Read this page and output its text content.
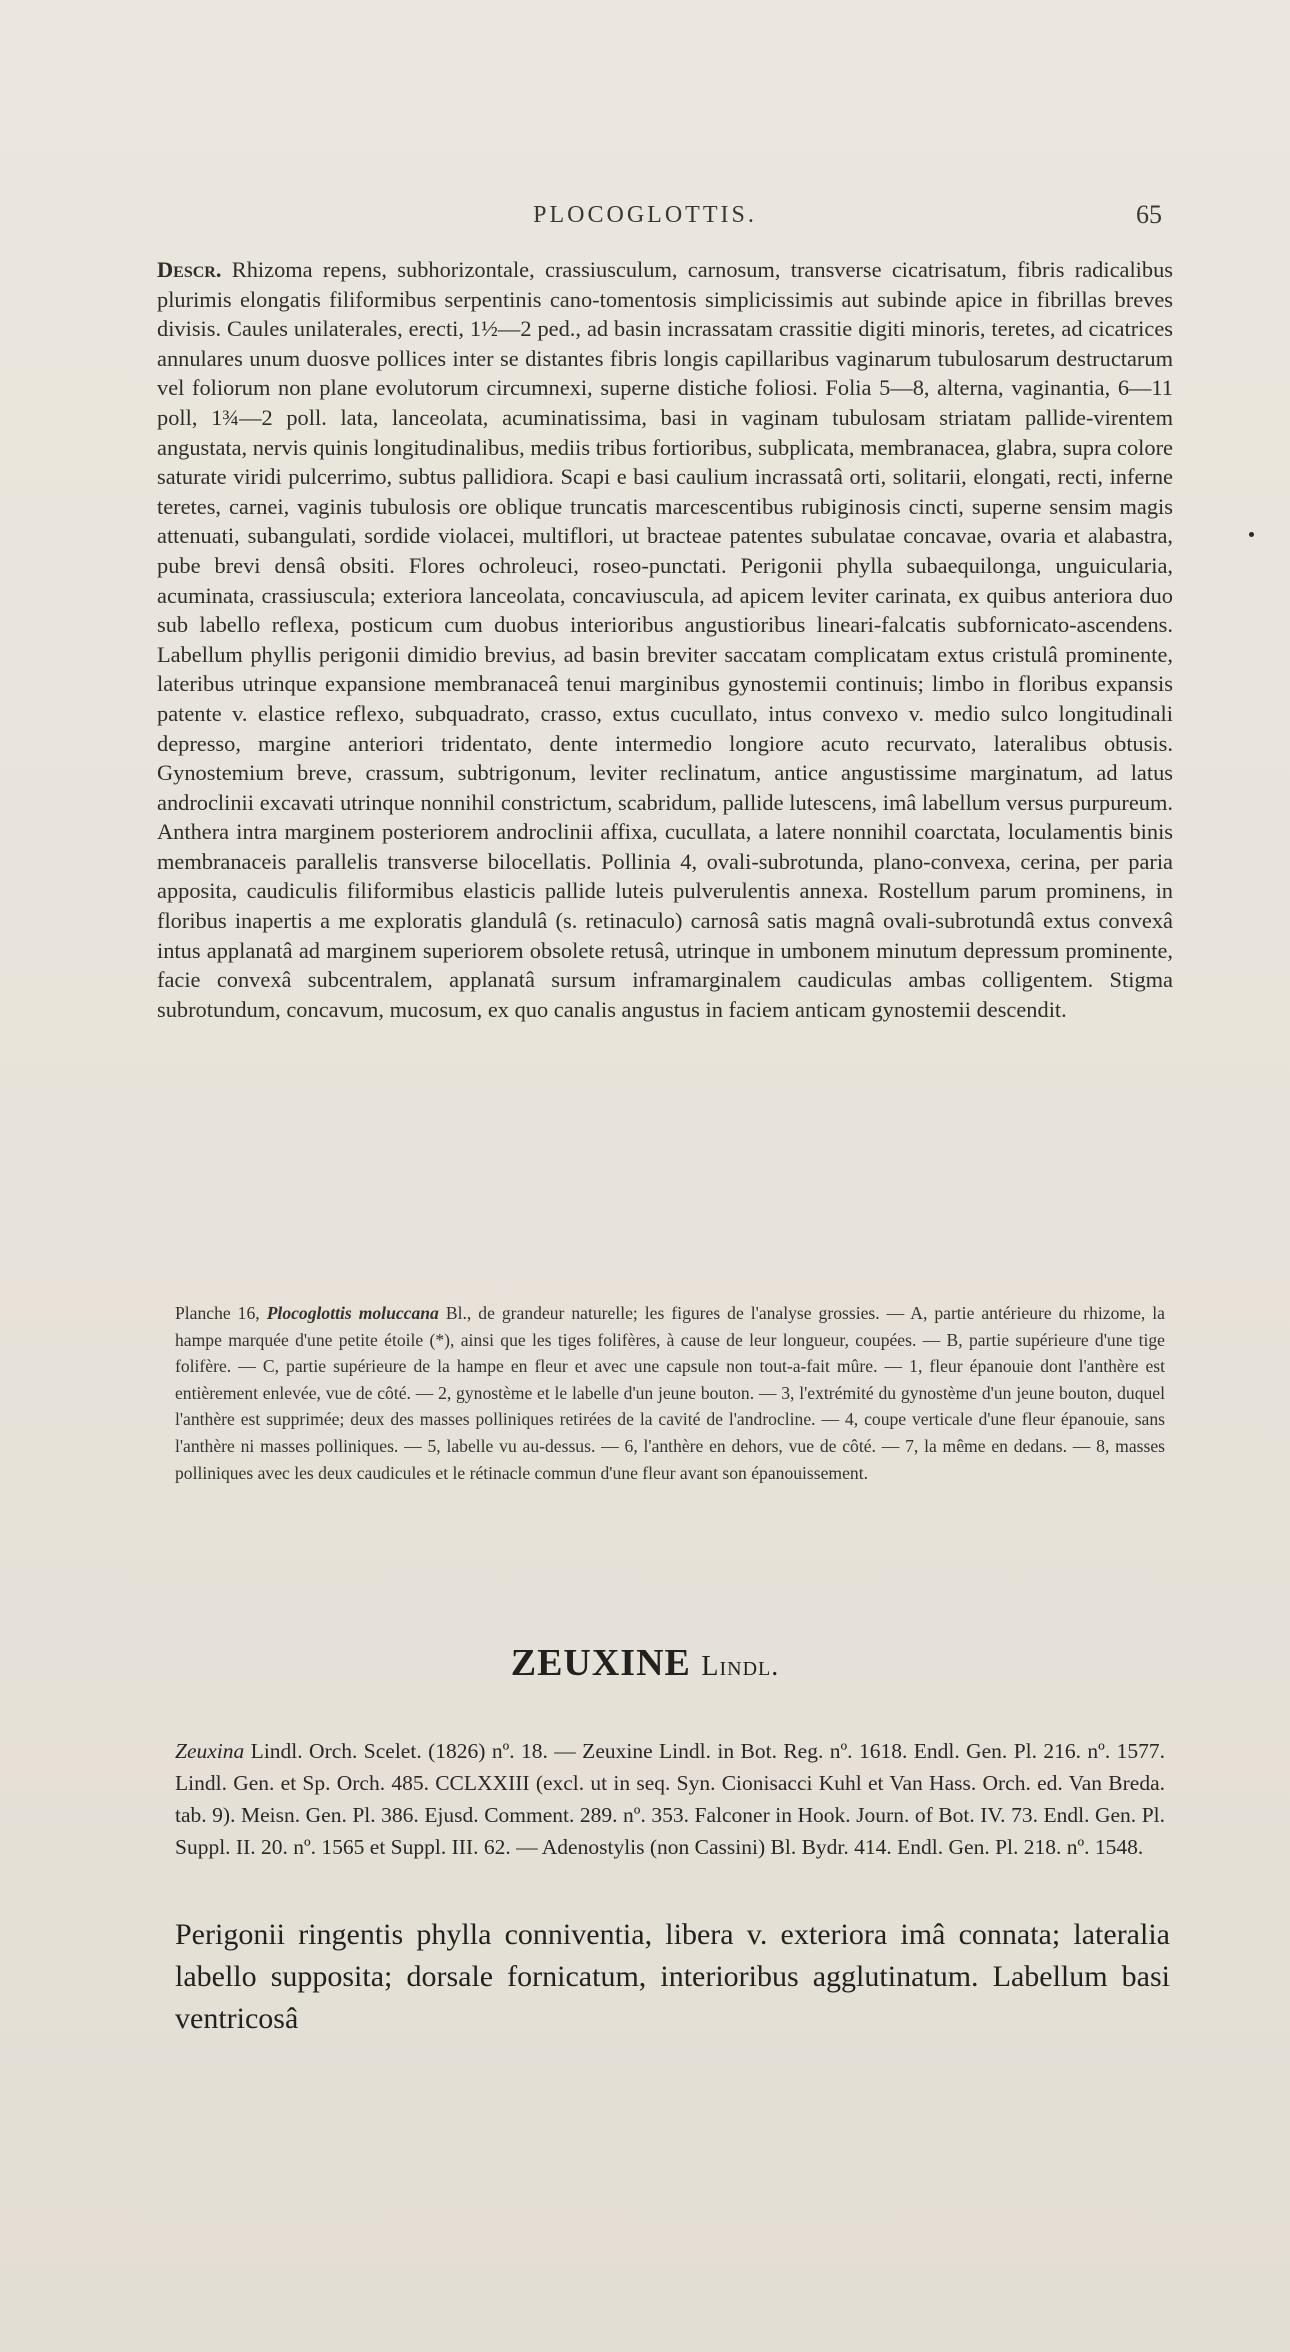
PLOCOGLOTTIS.	65
Descr. Rhizoma repens, subhorizontale, crassiusculum, carnosum, transverse cicatrisatum, fibris radicalibus plurimis elongatis filiformibus serpentinis cano-tomentosis simplicissimis aut subinde apice in fibrillas breves divisis. Caules unilaterales, erecti, 1½—2 ped., ad basin incrassatam crassitie digiti minoris, teretes, ad cicatrices annulares unum duosve pollices inter se distantes fibris longis capillaribus vaginarum tubulosarum destructarum vel foliorum non plane evolutorum circumnexi, superne distiche foliosi. Folia 5—8, alterna, vaginantia, 6—11 poll, 1¾—2 poll. lata, lanceolata, acuminatissima, basi in vaginam tubulosam striatam pallide-virentem angustata, nervis quinis longitudinalibus, mediis tribus fortioribus, subplicata, membranacea, glabra, supra colore saturate viridi pulcerrimo, subtus pallidiora. Scapi e basi caulium incrassatâ orti, solitarii, elongati, recti, inferne teretes, carnei, vaginis tubulosis ore oblique truncatis marcescentibus rubiginosis cincti, superne sensim magis attenuati, subangulati, sordide violacei, multiflori, ut bracteae patentes subulatae concavae, ovaria et alabastra, pube brevi densâ obsiti. Flores ochroleuci, roseo-punctati. Perigonii phylla subaequilonga, unguicularia, acuminata, crassiuscula; exteriora lanceolata, concaviuscula, ad apicem leviter carinata, ex quibus anteriora duo sub labello reflexa, posticum cum duobus interioribus angustioribus lineari-falcatis subfornicato-ascendens. Labellum phyllis perigonii dimidio brevius, ad basin breviter saccatam complicatam extus cristulâ prominente, lateribus utrinque expansione membranaceâ tenui marginibus gynostemii continuis; limbo in floribus expansis patente v. elastice reflexo, subquadrato, crasso, extus cucullato, intus convexo v. medio sulco longitudinali depresso, margine anteriori tridentato, dente intermedio longiore acuto recurvato, lateralibus obtusis. Gynostemium breve, crassum, subtrigonum, leviter reclinatum, antice angustissime marginatum, ad latus androclinii excavati utrinque nonnihil constrictum, scabridum, pallide lutescens, imâ labellum versus purpureum. Anthera intra marginem posteriorem androclinii affixa, cucullata, a latere nonnihil coarctata, loculamentis binis membranaceis parallelis transverse bilocellatis. Pollinia 4, ovali-subrotunda, plano-convexa, cerina, per paria apposita, caudiculis filiformibus elasticis pallide luteis pulverulentis annexa. Rostellum parum prominens, in floribus inapertis a me exploratis glandulâ (s. retinaculo) carnosâ satis magnâ ovali-subrotundâ extus convexâ intus applanatâ ad marginem superiorem obsolete retusâ, utrinque in umbonem minutum depressum prominente, facie convexâ subcentralem, applanatâ sursum inframarginalem caudiculas ambas colligentem. Stigma subrotundum, concavum, mucosum, ex quo canalis angustus in faciem anticam gynostemii descendit.
Planche 16, Plocoglottis moluccana Bl., de grandeur naturelle; les figures de l'analyse grossies. — A, partie antérieure du rhizome, la hampe marquée d'une petite étoile (*), ainsi que les tiges folifères, à cause de leur longueur, coupées. — B, partie supérieure d'une tige folifère. — C, partie supérieure de la hampe en fleur et avec une capsule non tout-a-fait mûre. — 1, fleur épanouie dont l'anthère est entièrement enlevée, vue de côté. — 2, gynostème et le labelle d'un jeune bouton. — 3, l'extrémité du gynostème d'un jeune bouton, duquel l'anthère est supprimée; deux des masses polliniques retirées de la cavité de l'androcline. — 4, coupe verticale d'une fleur épanouie, sans l'anthère ni masses polliniques. — 5, labelle vu au-dessus. — 6, l'anthère en dehors, vue de côté. — 7, la même en dedans. — 8, masses polliniques avec les deux caudicules et le rétinacle commun d'une fleur avant son épanouissement.
ZEUXINE Lindl.
Zeuxina Lindl. Orch. Scelet. (1826) nº. 18. — Zeuxine Lindl. in Bot. Reg. nº. 1618. Endl. Gen. Pl. 216. nº. 1577. Lindl. Gen. et Sp. Orch. 485. CCLXXIII (excl. ut in seq. Syn. Cionisacci Kuhl et Van Hass. Orch. ed. Van Breda. tab. 9). Meisn. Gen. Pl. 386. Ejusd. Comment. 289. nº. 353. Falconer in Hook. Journ. of Bot. IV. 73. Endl. Gen. Pl. Suppl. II. 20. nº. 1565 et Suppl. III. 62. — Adenostylis (non Cassini) Bl. Bydr. 414. Endl. Gen. Pl. 218. nº. 1548.
Perigonii ringentis phylla conniventia, libera v. exteriora imâ connata; lateralia labello supposita; dorsale fornicatum, interioribus agglutinatum. Labellum basi ventricosâ
